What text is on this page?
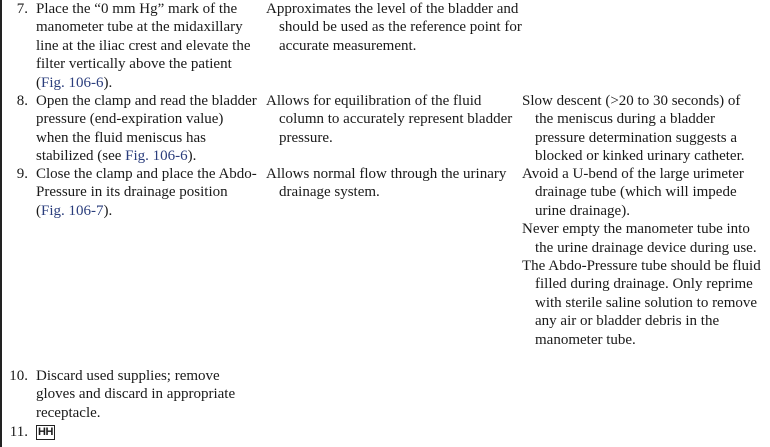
7. Place the “0 mm Hg” mark of the manometer tube at the midaxillary line at the iliac crest and elevate the filter vertically above the patient (Fig. 106-6).
Approximates the level of the bladder and should be used as the reference point for accurate measurement.
8. Open the clamp and read the bladder pressure (end-expiration value) when the fluid meniscus has stabilized (see Fig. 106-6).
Allows for equilibration of the fluid column to accurately represent bladder pressure.

Slow descent (>20 to 30 seconds) of the meniscus during a bladder pressure determination suggests a blocked or kinked urinary catheter.

9. Close the clamp and place the Abdo-Pressure in its drainage position (Fig. 106-7).
Allows normal flow through the urinary drainage system.

Avoid a U-bend of the large urimeter drainage tube (which will impede urine drainage).

Never empty the manometer tube into the urine drainage device during use.

The Abdo-Pressure tube should be fluid filled during drainage. Only reprime with sterile saline solution to remove any air or bladder debris in the manometer tube.

10. Discard used supplies; remove gloves and discard in appropriate receptacle.
11. HH
